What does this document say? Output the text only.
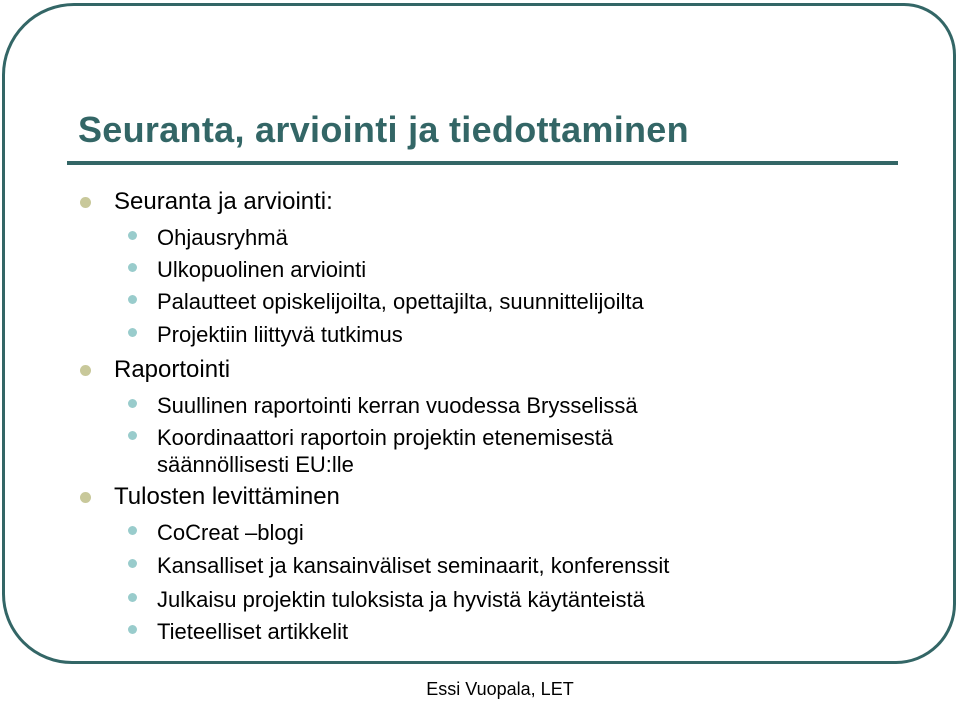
Seuranta, arviointi ja tiedottaminen
Seuranta ja arviointi:
Ohjausryhmä
Ulkopuolinen arviointi
Palautteet opiskelijoilta, opettajilta, suunnittelijoilta
Projektiin liittyvä tutkimus
Raportointi
Suullinen raportointi kerran vuodessa Brysselissä
Koordinaattori raportoin projektin etenemisestä
säännöllisesti EU:lle
Tulosten levittäminen
CoCreat –blogi
Kansalliset ja kansainväliset seminaarit, konferenssit
Julkaisu projektin tuloksista ja hyvistä käytänteistä
Tieteelliset artikkelit
Essi Vuopala, LET
